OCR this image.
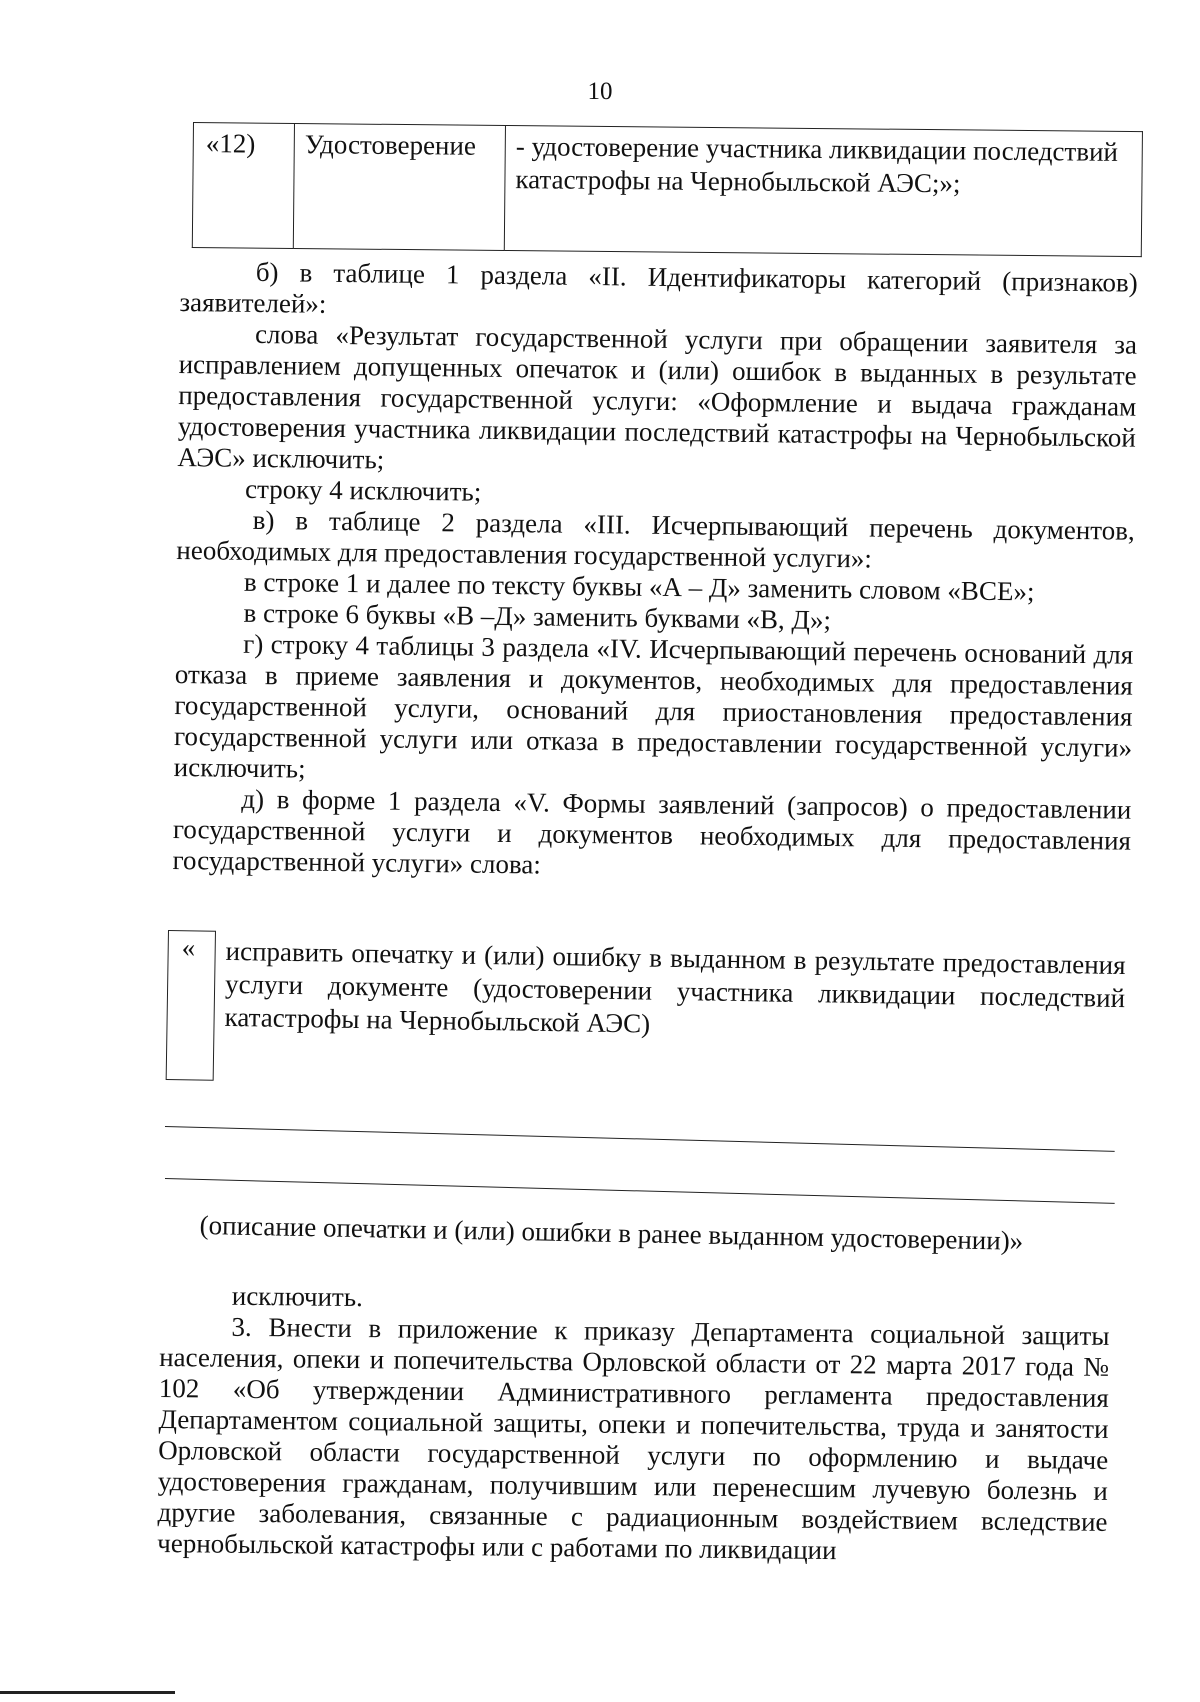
10
«12)	Удостоверение	- удостоверение участника ликвидации последствий катастрофы на Чернобыльской АЭС;»;

б) в таблице 1 раздела «II. Идентификаторы категорий (признаков) заявителей»:

слова «Результат государственной услуги при обращении заявителя за исправлением допущенных опечаток и (или) ошибок в выданных в результате предоставления государственной услуги: «Оформление и выдача гражданам удостоверения участника ликвидации последствий катастрофы на Чернобыльской АЭС» исключить;

строку 4 исключить;

в) в таблице 2 раздела «III. Исчерпывающий перечень документов, необходимых для предоставления государственной услуги»:

в строке 1 и далее по тексту буквы «А – Д» заменить словом «ВСЕ»;

в строке 6 буквы «В –Д» заменить буквами «В, Д»;

г) строку 4 таблицы 3 раздела «IV. Исчерпывающий перечень оснований для отказа в приеме заявления и документов, необходимых для предоставления государственной услуги, оснований для приостановления предоставления государственной услуги или отказа в предоставлении государственной услуги» исключить;

д) в форме 1 раздела «V. Формы заявлений (запросов) о предоставлении государственной услуги и документов необходимых для предоставления государственной услуги» слова:

« исправить опечатку и (или) ошибку в выданном в результате предоставления услуги документе (удостоверении участника ликвидации последствий катастрофы на Чернобыльской АЭС)
(описание опечатки и (или) ошибки в ранее выданном удостоверении)»

исключить.

3. Внести в приложение к приказу Департамента социальной защиты населения, опеки и попечительства Орловской области от 22 марта 2017 года № 102 «Об утверждении Административного регламента предоставления Департаментом социальной защиты, опеки и попечительства, труда и занятости Орловской области государственной услуги по оформлению и выдаче удостоверения гражданам, получившим или перенесшим лучевую болезнь и другие заболевания, связанные с радиационным воздействием вследствие чернобыльской катастрофы или с работами по ликвидации
